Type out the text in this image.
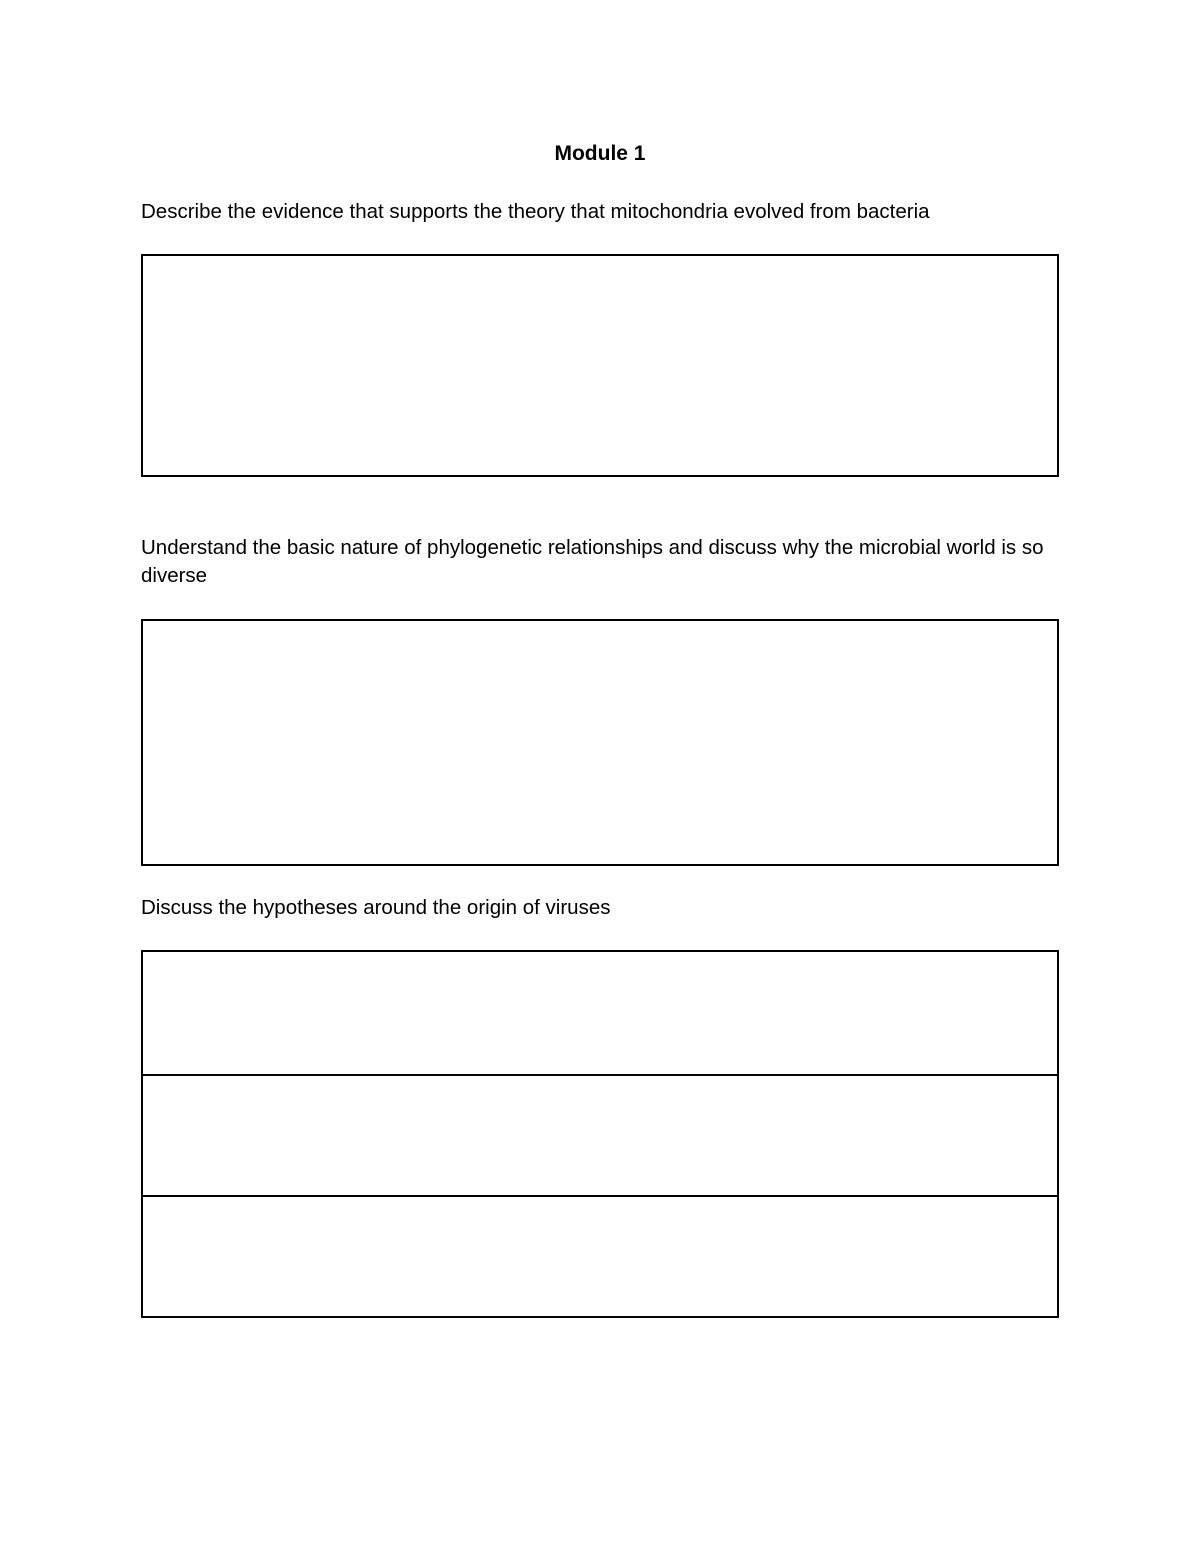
Module 1
Describe the evidence that supports the theory that mitochondria evolved from bacteria
Understand the basic nature of phylogenetic relationships and discuss why the microbial world is so diverse
Discuss the hypotheses around the origin of viruses
